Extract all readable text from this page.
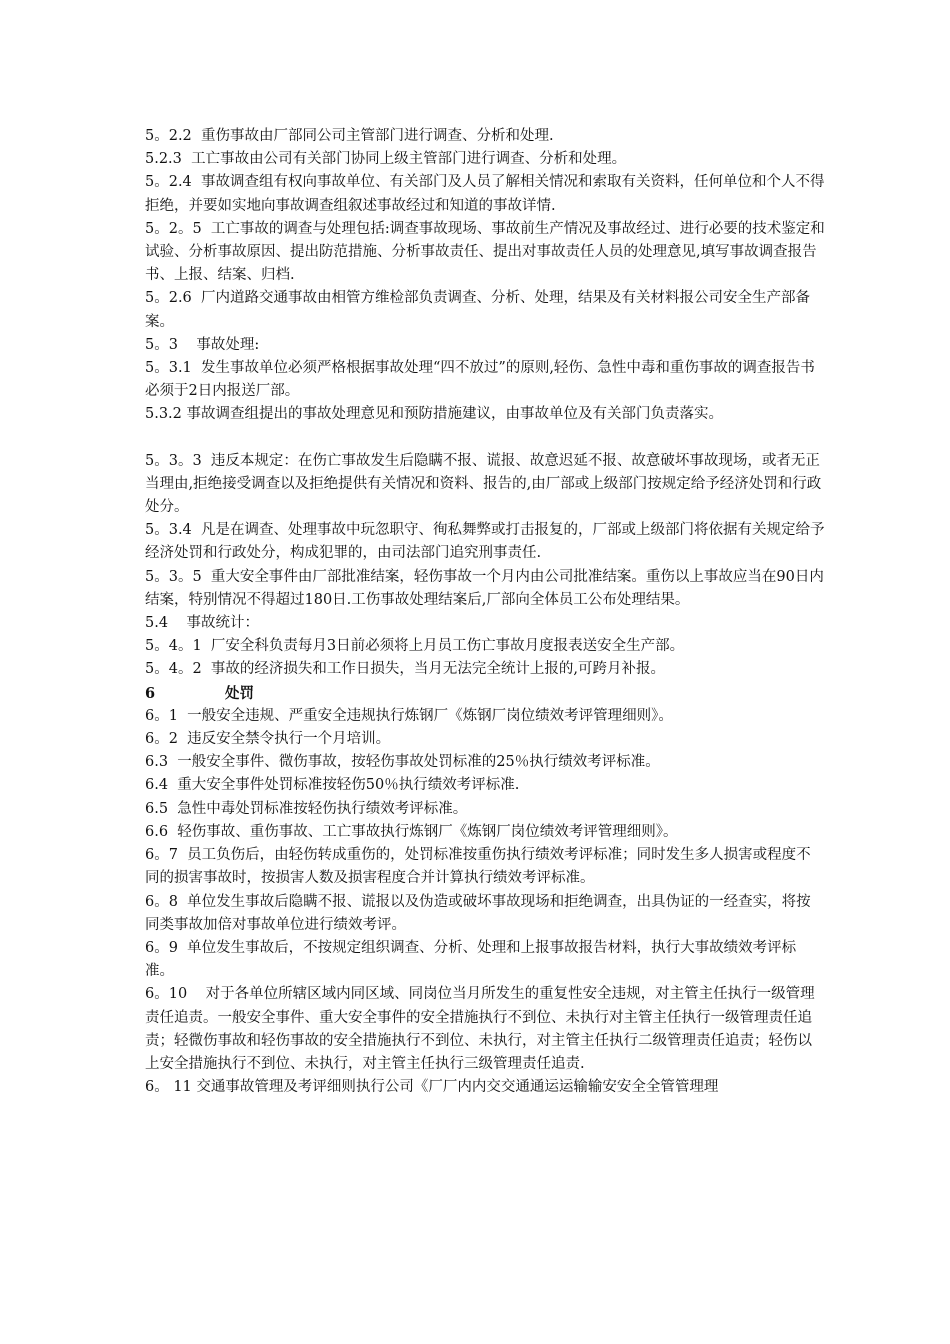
5。2.2  重伤事故由厂部同公司主管部门进行调查、分析和处理.

5.2.3  工亡事故由公司有关部门协同上级主管部门进行调查、分析和处理。

5。2.4  事故调查组有权向事故单位、有关部门及人员了解相关情况和索取有关资料，任何单位和个人不得拒绝，并要如实地向事故调查组叙述事故经过和知道的事故详情.

5。2。5  工亡事故的调查与处理包括:调查事故现场、事故前生产情况及事故经过、进行必要的技术鉴定和试验、分析事故原因、提出防范措施、分析事故责任、提出对事故责任人员的处理意见,填写事故调查报告书、上报、结案、归档.

5。2.6  厂内道路交通事故由相管方维检部负责调查、分析、处理，结果及有关材料报公司安全生产部备案。

5。3    事故处理:

5。3.1  发生事故单位必须严格根据事故处理“四不放过”的原则,轻伤、急性中毒和重伤事故的调查报告书必须于2日内报送厂部。

5.3.2 事故调查组提出的事故处理意见和预防措施建议，由事故单位及有关部门负责落实。

5。3。3  违反本规定：在伤亡事故发生后隐瞒不报、谎报、故意迟延不报、故意破坏事故现场，或者无正当理由,拒绝接受调查以及拒绝提供有关情况和资料、报告的,由厂部或上级部门按规定给予经济处罚和行政处分。

5。3.4  凡是在调查、处理事故中玩忽职守、徇私舞弊或打击报复的，厂部或上级部门将依据有关规定给予经济处罚和行政处分，构成犯罪的，由司法部门追究刑事责任.

5。3。5  重大安全事件由厂部批准结案，轻伤事故一个月内由公司批准结案。重伤以上事故应当在90日内结案，特别情况不得超过180日.工伤事故处理结案后,厂部向全体员工公布处理结果。

5.4    事故统计：

5。4。1  厂安全科负责每月3日前必须将上月员工伤亡事故月度报表送安全生产部。

5。4。2  事故的经济损失和工作日损失，当月无法完全统计上报的,可跨月补报。

6	处罚

6。1  一般安全违规、严重安全违规执行炼钢厂《炼钢厂岗位绩效考评管理细则》。

6。2  违反安全禁令执行一个月培训。

6.3  一般安全事件、微伤事故，按轻伤事故处罚标准的25％执行绩效考评标准。

6.4  重大安全事件处罚标准按轻伤50％执行绩效考评标准.

6.5  急性中毒处罚标准按轻伤执行绩效考评标准。

6.6  轻伤事故、重伤事故、工亡事故执行炼钢厂《炼钢厂岗位绩效考评管理细则》。

6。7  员工负伤后，由轻伤转成重伤的，处罚标准按重伤执行绩效考评标准；同时发生多人损害或程度不同的损害事故时，按损害人数及损害程度合并计算执行绩效考评标准。

6。8  单位发生事故后隐瞒不报、谎报以及伪造或破坏事故现场和拒绝调查，出具伪证的一经查实，将按同类事故加倍对事故单位进行绩效考评。

6。9  单位发生事故后，不按规定组织调查、分析、处理和上报事故报告材料，执行大事故绩效考评标准。

6。10    对于各单位所辖区域内同区域、同岗位当月所发生的重复性安全违规，对主管主任执行一级管理责任追责。一般安全事件、重大安全事件的安全措施执行不到位、未执行对主管主任执行一级管理责任追责；轻微伤事故和轻伤事故的安全措施执行不到位、未执行，对主管主任执行二级管理责任追责；轻伤以上安全措施执行不到位、未执行，对主管主任执行三级管理责任追责.

6。 11 交通事故管理及考评细则执行公司《厂厂内内交交通通运运输输安安全全管管理理
